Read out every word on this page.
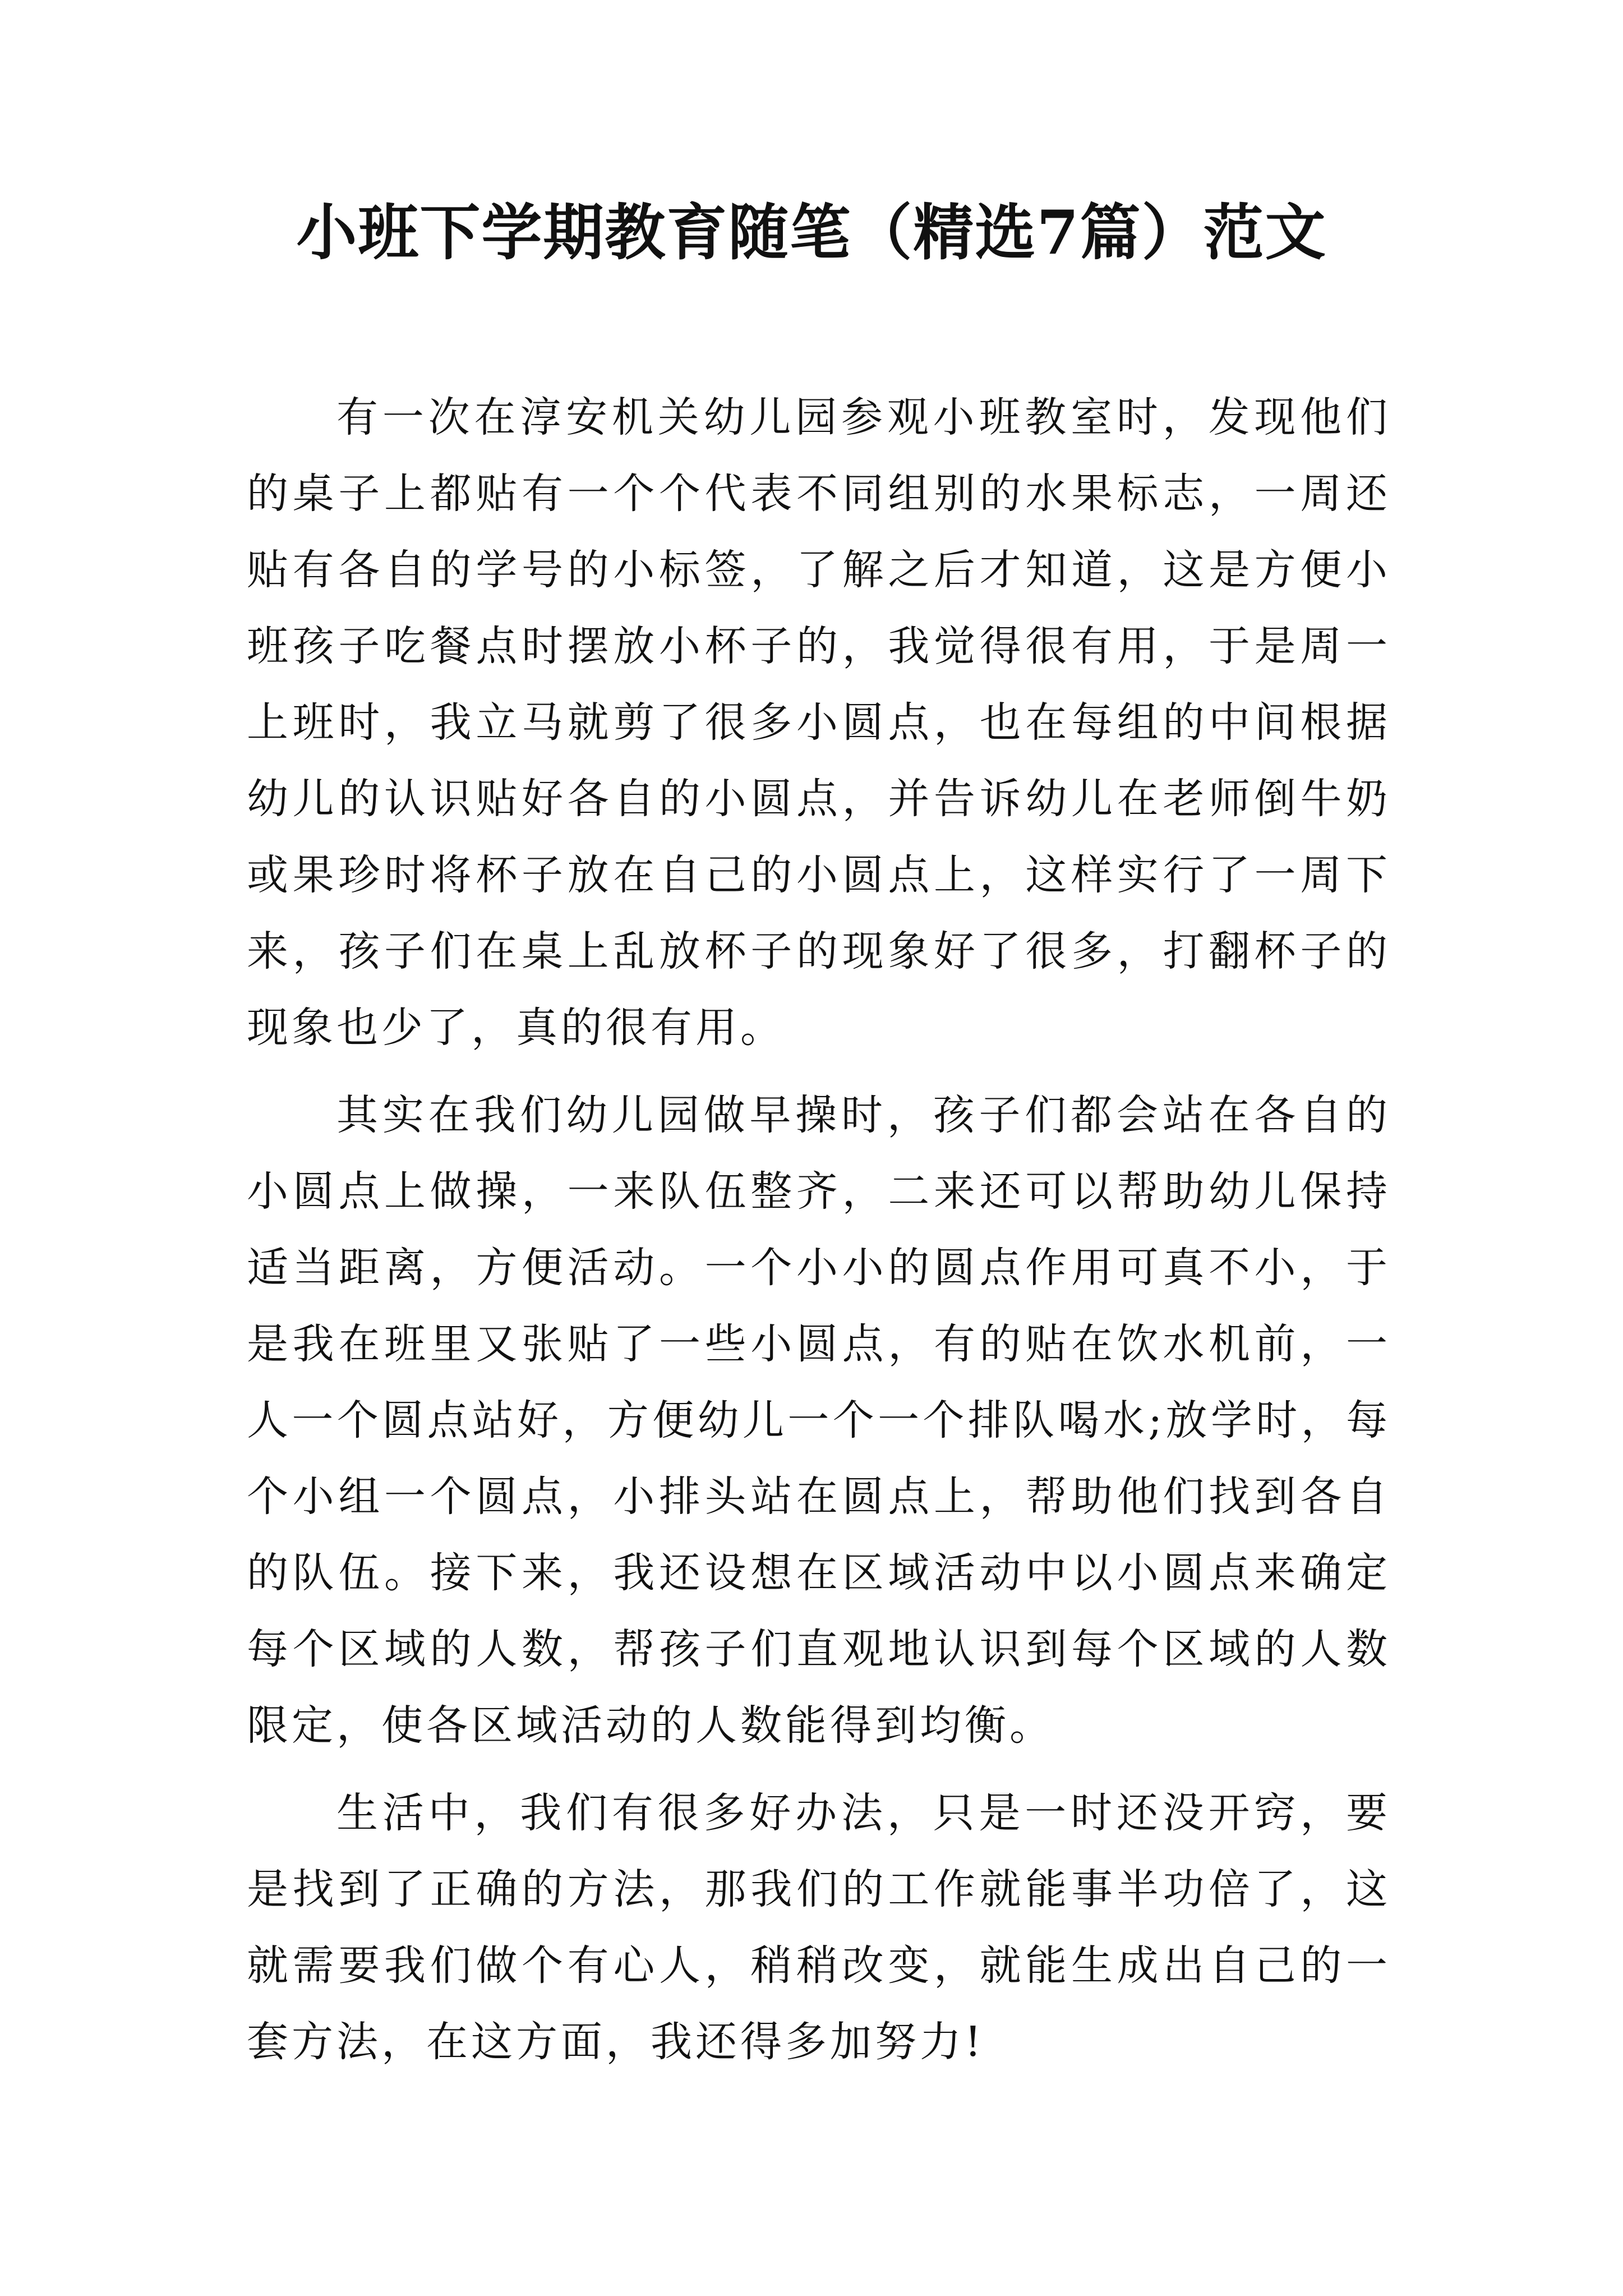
小班下学期教育随笔（精选7篇）范文

有一次在淳安机关幼儿园参观小班教室时，发现他们的桌子上都贴有一个个代表不同组别的水果标志，一周还贴有各自的学号的小标签，了解之后才知道，这是方便小班孩子吃餐点时摆放小杯子的，我觉得很有用，于是周一上班时，我立马就剪了很多小圆点，也在每组的中间根据幼儿的认识贴好各自的小圆点，并告诉幼儿在老师倒牛奶或果珍时将杯子放在自己的小圆点上，这样实行了一周下来，孩子们在桌上乱放杯子的现象好了很多，打翻杯子的现象也少了，真的很有用。

其实在我们幼儿园做早操时，孩子们都会站在各自的小圆点上做操，一来队伍整齐，二来还可以帮助幼儿保持适当距离，方便活动。一个小小的圆点作用可真不小，于是我在班里又张贴了一些小圆点，有的贴在饮水机前，一人一个圆点站好，方便幼儿一个一个排队喝水;放学时，每个小组一个圆点，小排头站在圆点上，帮助他们找到各自的队伍。接下来，我还设想在区域活动中以小圆点来确定每个区域的人数，帮孩子们直观地认识到每个区域的人数限定，使各区域活动的人数能得到均衡。

生活中，我们有很多好办法，只是一时还没开窍，要是找到了正确的方法，那我们的工作就能事半功倍了，这就需要我们做个有心人，稍稍改变，就能生成出自己的一套方法，在这方面，我还得多加努力!
